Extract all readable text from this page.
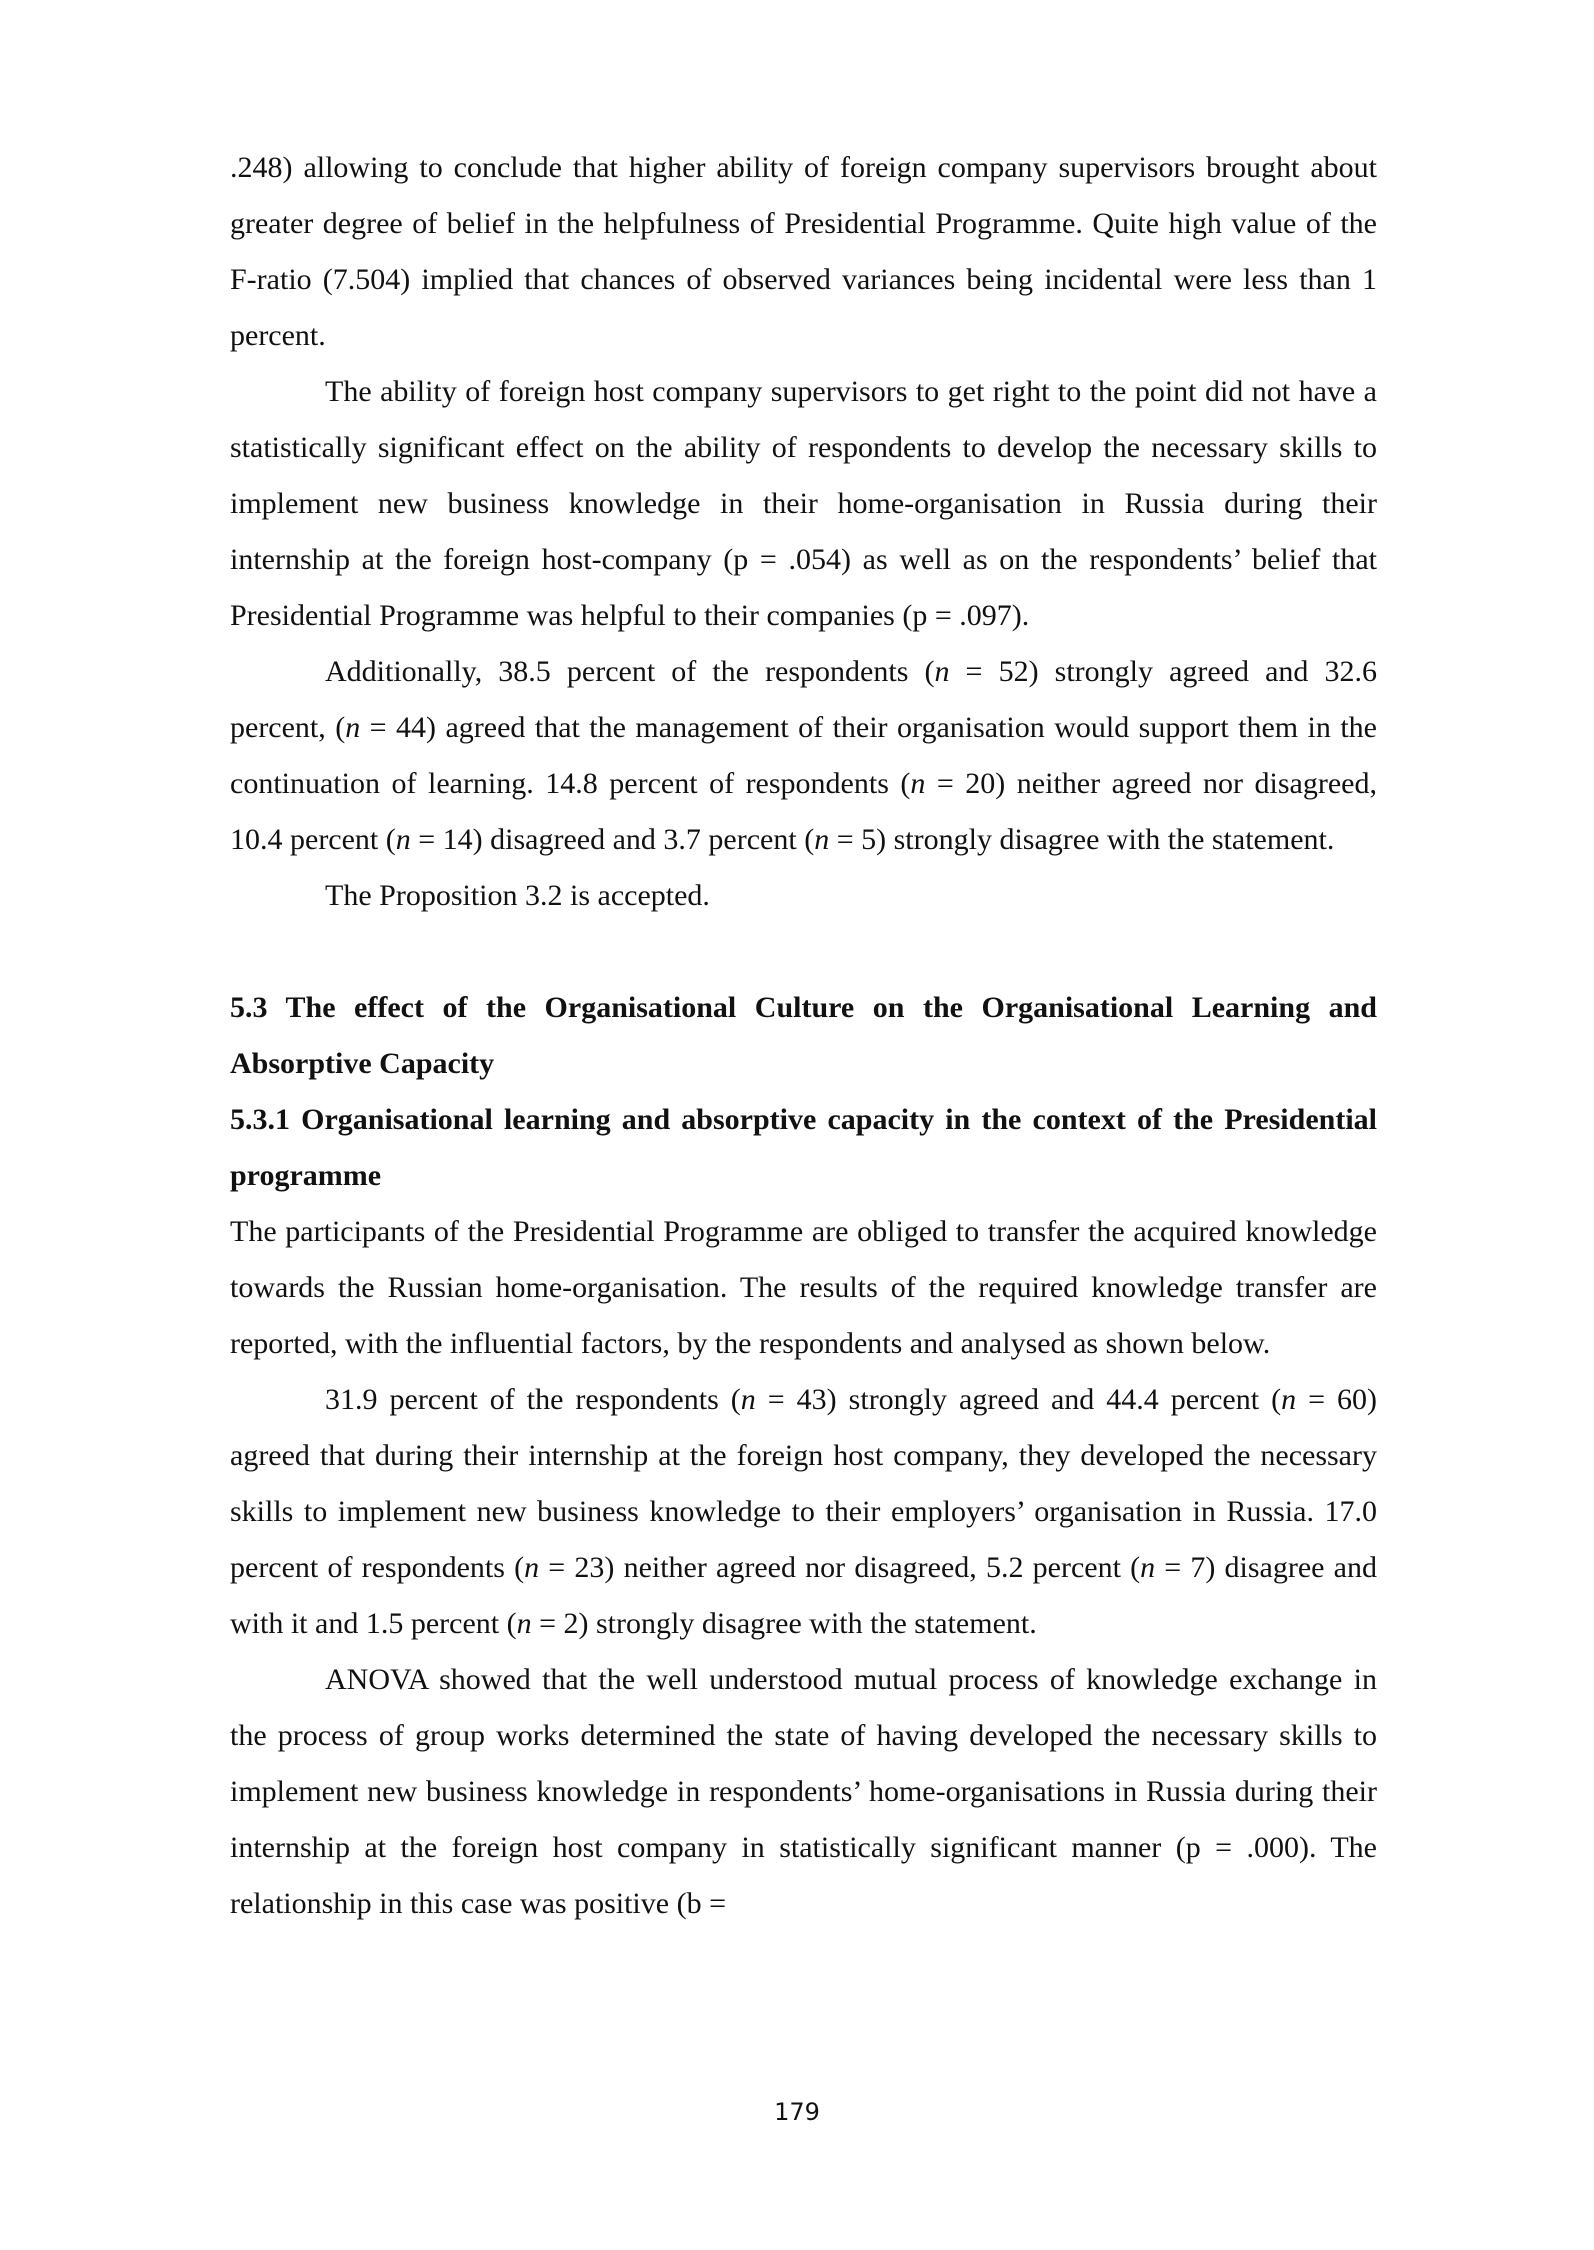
.248) allowing to conclude that higher ability of foreign company supervisors brought about greater degree of belief in the helpfulness of Presidential Programme. Quite high value of the F-ratio (7.504) implied that chances of observed variances being incidental were less than 1 percent.

The ability of foreign host company supervisors to get right to the point did not have a statistically significant effect on the ability of respondents to develop the necessary skills to implement new business knowledge in their home-organisation in Russia during their internship at the foreign host-company (p = .054) as well as on the respondents’ belief that Presidential Programme was helpful to their companies (p = .097).

Additionally, 38.5 percent of the respondents (n = 52) strongly agreed and 32.6 percent, (n = 44) agreed that the management of their organisation would support them in the continuation of learning. 14.8 percent of respondents (n = 20) neither agreed nor disagreed, 10.4 percent (n = 14) disagreed and 3.7 percent (n = 5) strongly disagree with the statement.

The Proposition 3.2 is accepted.

5.3 The effect of the Organisational Culture on the Organisational Learning and Absorptive Capacity

5.3.1 Organisational learning and absorptive capacity in the context of the Presidential programme

The participants of the Presidential Programme are obliged to transfer the acquired knowledge towards the Russian home-organisation. The results of the required knowledge transfer are reported, with the influential factors, by the respondents and analysed as shown below.

31.9 percent of the respondents (n = 43) strongly agreed and 44.4 percent (n = 60) agreed that during their internship at the foreign host company, they developed the necessary skills to implement new business knowledge to their employers’ organisation in Russia. 17.0 percent of respondents (n = 23) neither agreed nor disagreed, 5.2 percent (n = 7) disagree and with it and 1.5 percent (n = 2) strongly disagree with the statement.

ANOVA showed that the well understood mutual process of knowledge exchange in the process of group works determined the state of having developed the necessary skills to implement new business knowledge in respondents’ home-organisations in Russia during their internship at the foreign host company in statistically significant manner (p = .000). The relationship in this case was positive (b =

179
